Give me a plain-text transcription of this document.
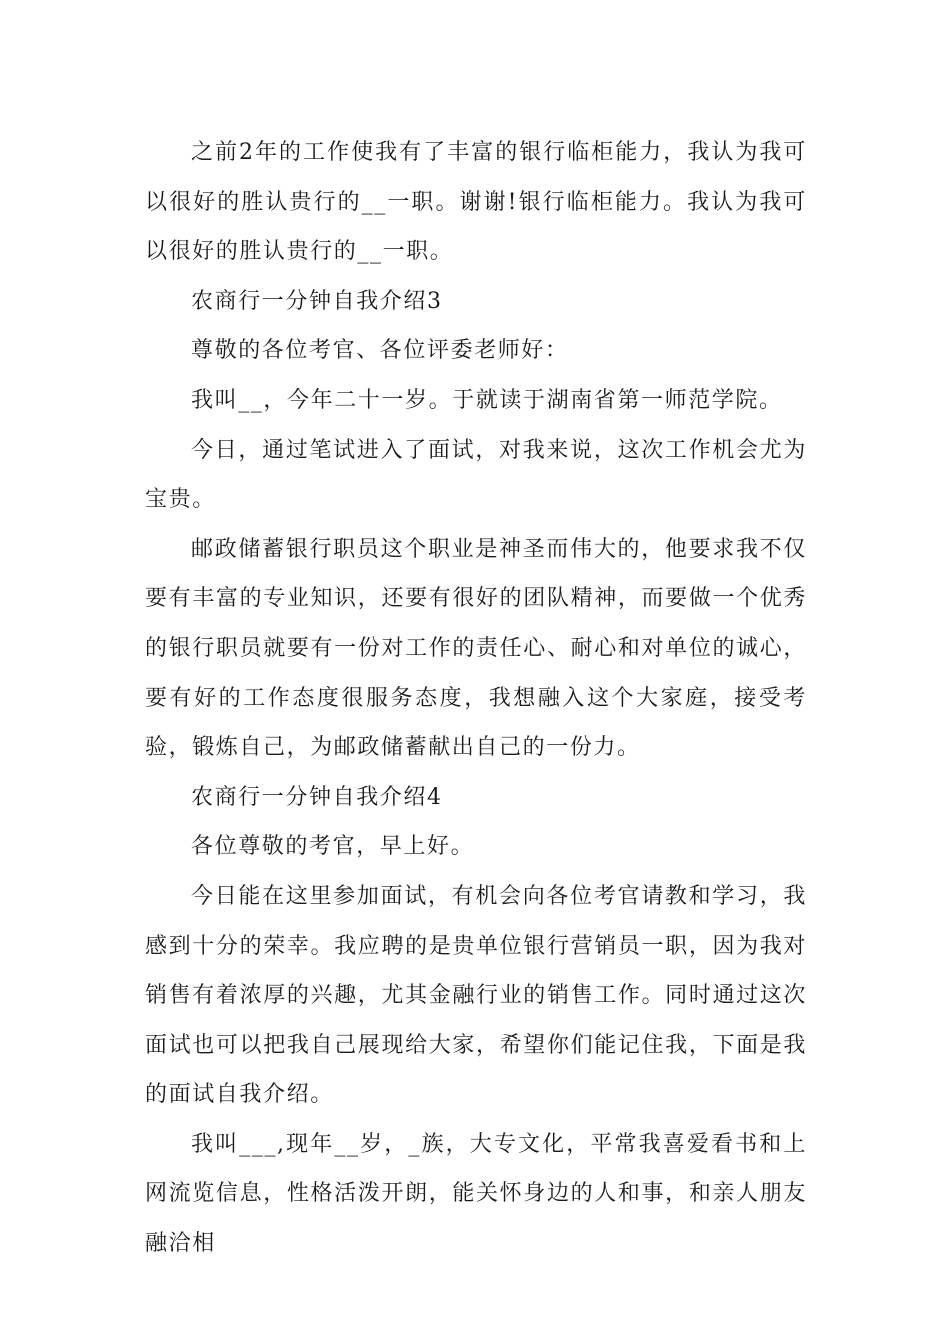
之前2年的工作使我有了丰富的银行临柜能力，我认为我可以很好的胜认贵行的__一职。谢谢!银行临柜能力。我认为我可以很好的胜认贵行的__一职。

农商行一分钟自我介绍3

尊敬的各位考官、各位评委老师好：

我叫__，今年二十一岁。于就读于湖南省第一师范学院。

今日，通过笔试进入了面试，对我来说，这次工作机会尤为宝贵。

邮政储蓄银行职员这个职业是神圣而伟大的，他要求我不仅要有丰富的专业知识，还要有很好的团队精神，而要做一个优秀的银行职员就要有一份对工作的责任心、耐心和对单位的诚心，要有好的工作态度很服务态度，我想融入这个大家庭，接受考验，锻炼自己，为邮政储蓄献出自己的一份力。

农商行一分钟自我介绍4

各位尊敬的考官，早上好。

今日能在这里参加面试，有机会向各位考官请教和学习，我感到十分的荣幸。我应聘的是贵单位银行营销员一职，因为我对销售有着浓厚的兴趣，尤其金融行业的销售工作。同时通过这次面试也可以把我自己展现给大家，希望你们能记住我，下面是我的面试自我介绍。

我叫___,现年__岁，_族，大专文化，平常我喜爱看书和上网流览信息，性格活泼开朗，能关怀身边的人和事，和亲人朋友融洽相
